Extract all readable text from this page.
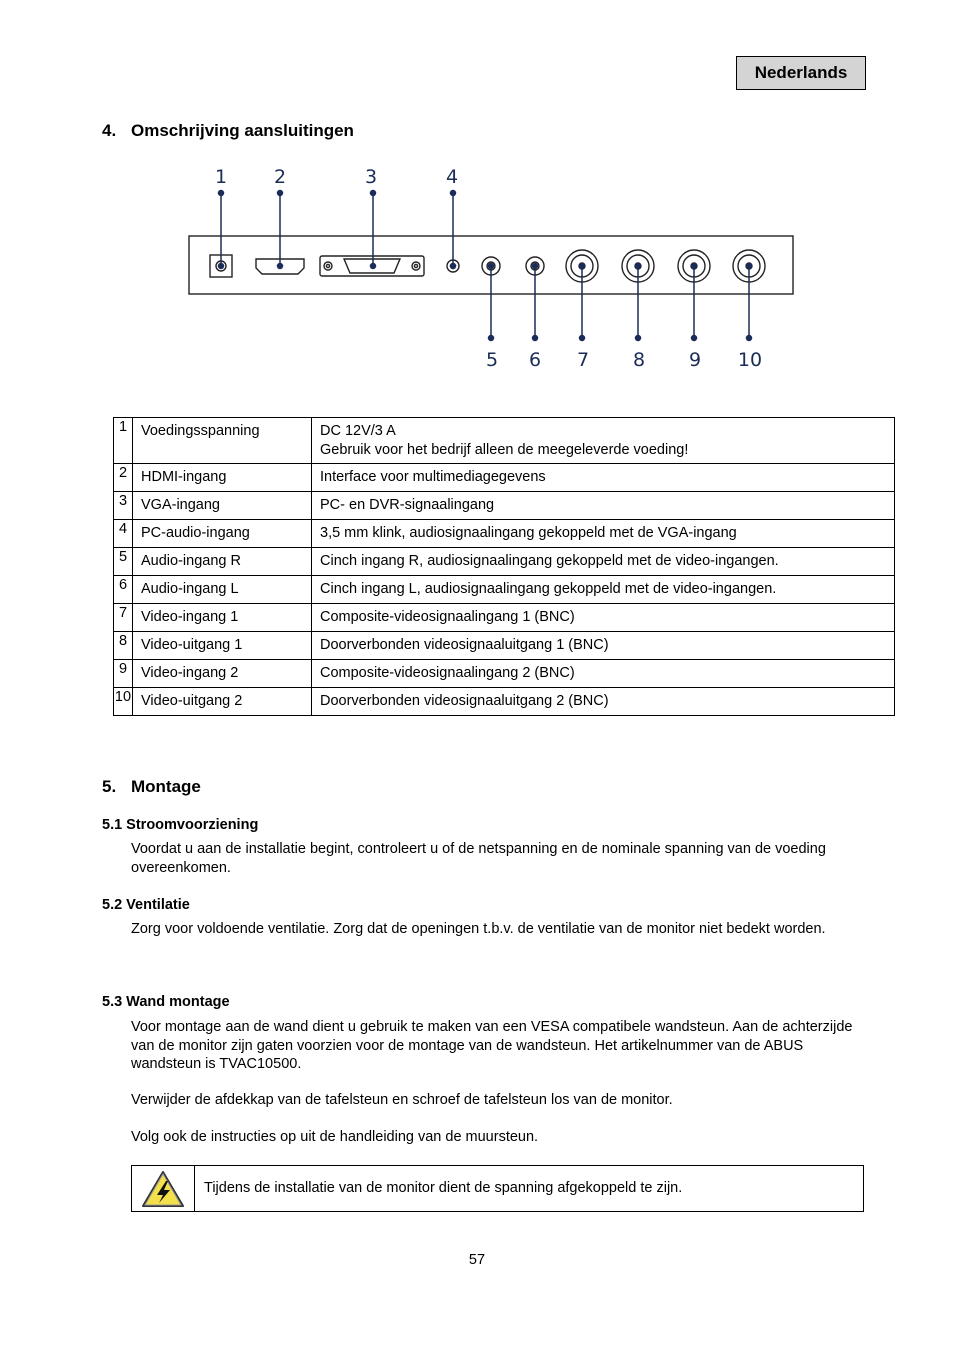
Nederlands
4. Omschrijving aansluitingen
1 2	3	4
5 6 7 8 9 10
1	Voedingsspanning	DC 12V/3 A
Gebruik voor het bedrijf alleen de meegeleverde voeding!

2	HDMI-ingang	Interface voor multimediagegevens
3	VGA-ingang	PC- en DVR-signaalingang
4	PC-audio-ingang	3,5 mm klink, audiosignaalingang gekoppeld met de VGA-ingang
5	Audio-ingang R	Cinch ingang R, audiosignaalingang gekoppeld met de video-ingangen.
6	Audio-ingang L	Cinch ingang L, audiosignaalingang gekoppeld met de video-ingangen.
7	Video-ingang 1	Composite-videosignaalingang 1 (BNC)
8	Video-uitgang 1	Doorverbonden videosignaaluitgang 1 (BNC)
9	Video-ingang 2	Composite-videosignaalingang 2 (BNC)
10	Video-uitgang 2	Doorverbonden videosignaaluitgang 2 (BNC)
5. Montage
5.1 Stroomvoorziening
Voordat u aan de installatie begint, controleert u of de netspanning en de nominale spanning van de voeding overeenkomen.
5.2 Ventilatie
Zorg voor voldoende ventilatie. Zorg dat de openingen t.b.v. de ventilatie van de monitor niet bedekt worden.
5.3 Wand montage
Voor montage aan de wand dient u gebruik te maken van een VESA compatibele wandsteun. Aan de achterzijde van de monitor zijn gaten voorzien voor de montage van de wandsteun. Het artikelnummer van de ABUS wandsteun is TVAC10500.
Verwijder de afdekkap van de tafelsteun en schroef de tafelsteun los van de monitor.
Volg ook de instructies op uit de handleiding van de muursteun.
Tijdens de installatie van de monitor dient de spanning afgekoppeld te zijn.
57
